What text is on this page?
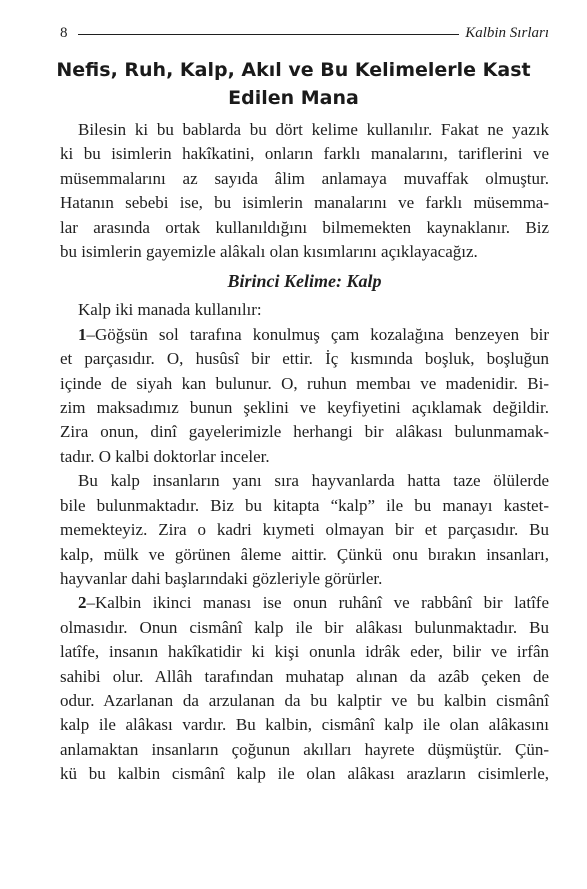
8	Kalbin Sırları
Nefis, Ruh, Kalp, Akıl ve Bu Kelimelerle Kast
Edilen Mana
Bilesin ki bu bablarda bu dört kelime kullanılır. Fakat ne yazık
ki bu isimlerin hakîkatini, onların farklı manalarını, tariflerini ve
müsemmalarını az sayıda âlim anlamaya muvaffak olmuştur.
Hatanın sebebi ise, bu isimlerin manalarını ve farklı müsemma-
lar arasında ortak kullanıldığını bilmemekten kaynaklanır. Biz
bu isimlerin gayemizle alâkalı olan kısımlarını açıklayacağız.
Birinci Kelime: Kalp
Kalp iki manada kullanılır:
1–Göğsün sol tarafına konulmuş çam kozalağına benzeyen bir
et parçasıdır. O, husûsî bir ettir. İç kısmında boşluk, boşluğun
içinde de siyah kan bulunur. O, ruhun membaı ve madenidir. Bi-
zim maksadımız bunun şeklini ve keyfiyetini açıklamak değildir.
Zira onun, dinî gayelerimizle herhangi bir alâkası bulunmamak-
tadır. O kalbi doktorlar inceler.
Bu kalp insanların yanı sıra hayvanlarda hatta taze ölülerde
bile bulunmaktadır. Biz bu kitapta “kalp” ile bu manayı kastet-
memekteyiz. Zira o kadri kıymeti olmayan bir et parçasıdır. Bu
kalp, mülk ve görünen âleme aittir. Çünkü onu bırakın insanları,
hayvanlar dahi başlarındaki gözleriyle görürler.
2–Kalbin ikinci manası ise onun ruhânî ve rabbânî bir latîfe
olmasıdır. Onun cismânî kalp ile bir alâkası bulunmaktadır. Bu
latîfe, insanın hakîkatidir ki kişi onunla idrâk eder, bilir ve irfân
sahibi olur. Allâh tarafından muhatap alınan da azâb çeken de
odur. Azarlanan da arzulanan da bu kalptir ve bu kalbin cismânî
kalp ile alâkası vardır. Bu kalbin, cismânî kalp ile olan alâkasını
anlamaktan insanların çoğunun akılları hayrete düşmüştür. Çün-
kü bu kalbin cismânî kalp ile olan alâkası arazların cisimlerle,
